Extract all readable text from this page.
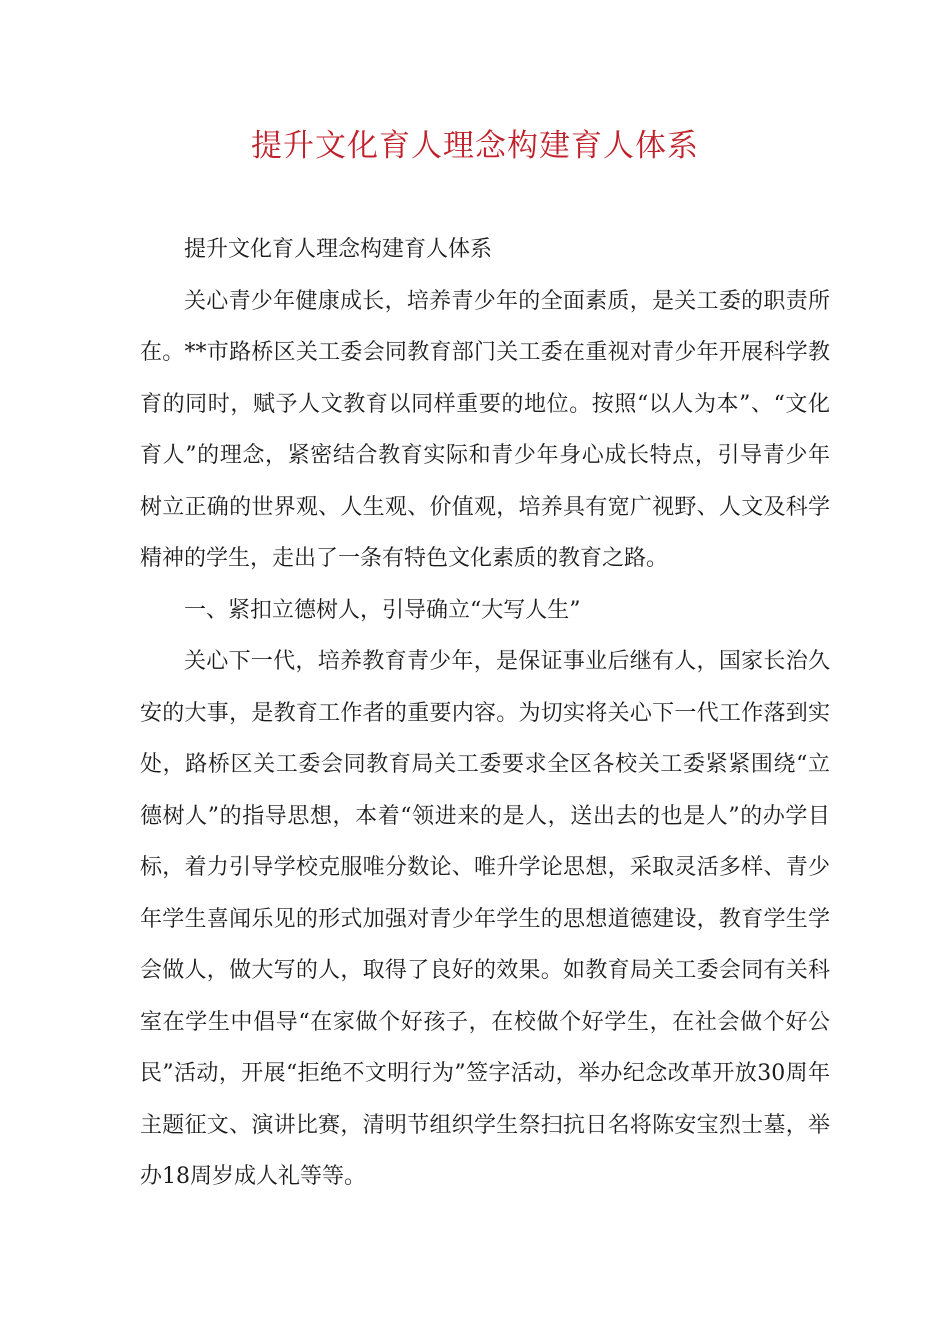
提升文化育人理念构建育人体系

提升文化育人理念构建育人体系

关心青少年健康成长，培养青少年的全面素质，是关工委的职责所在。**市路桥区关工委会同教育部门关工委在重视对青少年开展科学教育的同时，赋予人文教育以同样重要的地位。按照“以人为本”、“文化育人”的理念，紧密结合教育实际和青少年身心成长特点，引导青少年树立正确的世界观、人生观、价值观，培养具有宽广视野、人文及科学精神的学生，走出了一条有特色文化素质的教育之路。

一、紧扣立德树人，引导确立“大写人生”

关心下一代，培养教育青少年，是保证事业后继有人，国家长治久安的大事，是教育工作者的重要内容。为切实将关心下一代工作落到实处，路桥区关工委会同教育局关工委要求全区各校关工委紧紧围绕“立德树人”的指导思想，本着“领进来的是人，送出去的也是人”的办学目标，着力引导学校克服唯分数论、唯升学论思想，采取灵活多样、青少年学生喜闻乐见的形式加强对青少年学生的思想道德建设，教育学生学会做人，做大写的人，取得了良好的效果。如教育局关工委会同有关科室在学生中倡导“在家做个好孩子，在校做个好学生，在社会做个好公民”活动，开展“拒绝不文明行为”签字活动，举办纪念改革开放30周年主题征文、演讲比赛，清明节组织学生祭扫抗日名将陈安宝烈士墓，举办18周岁成人礼等等。
